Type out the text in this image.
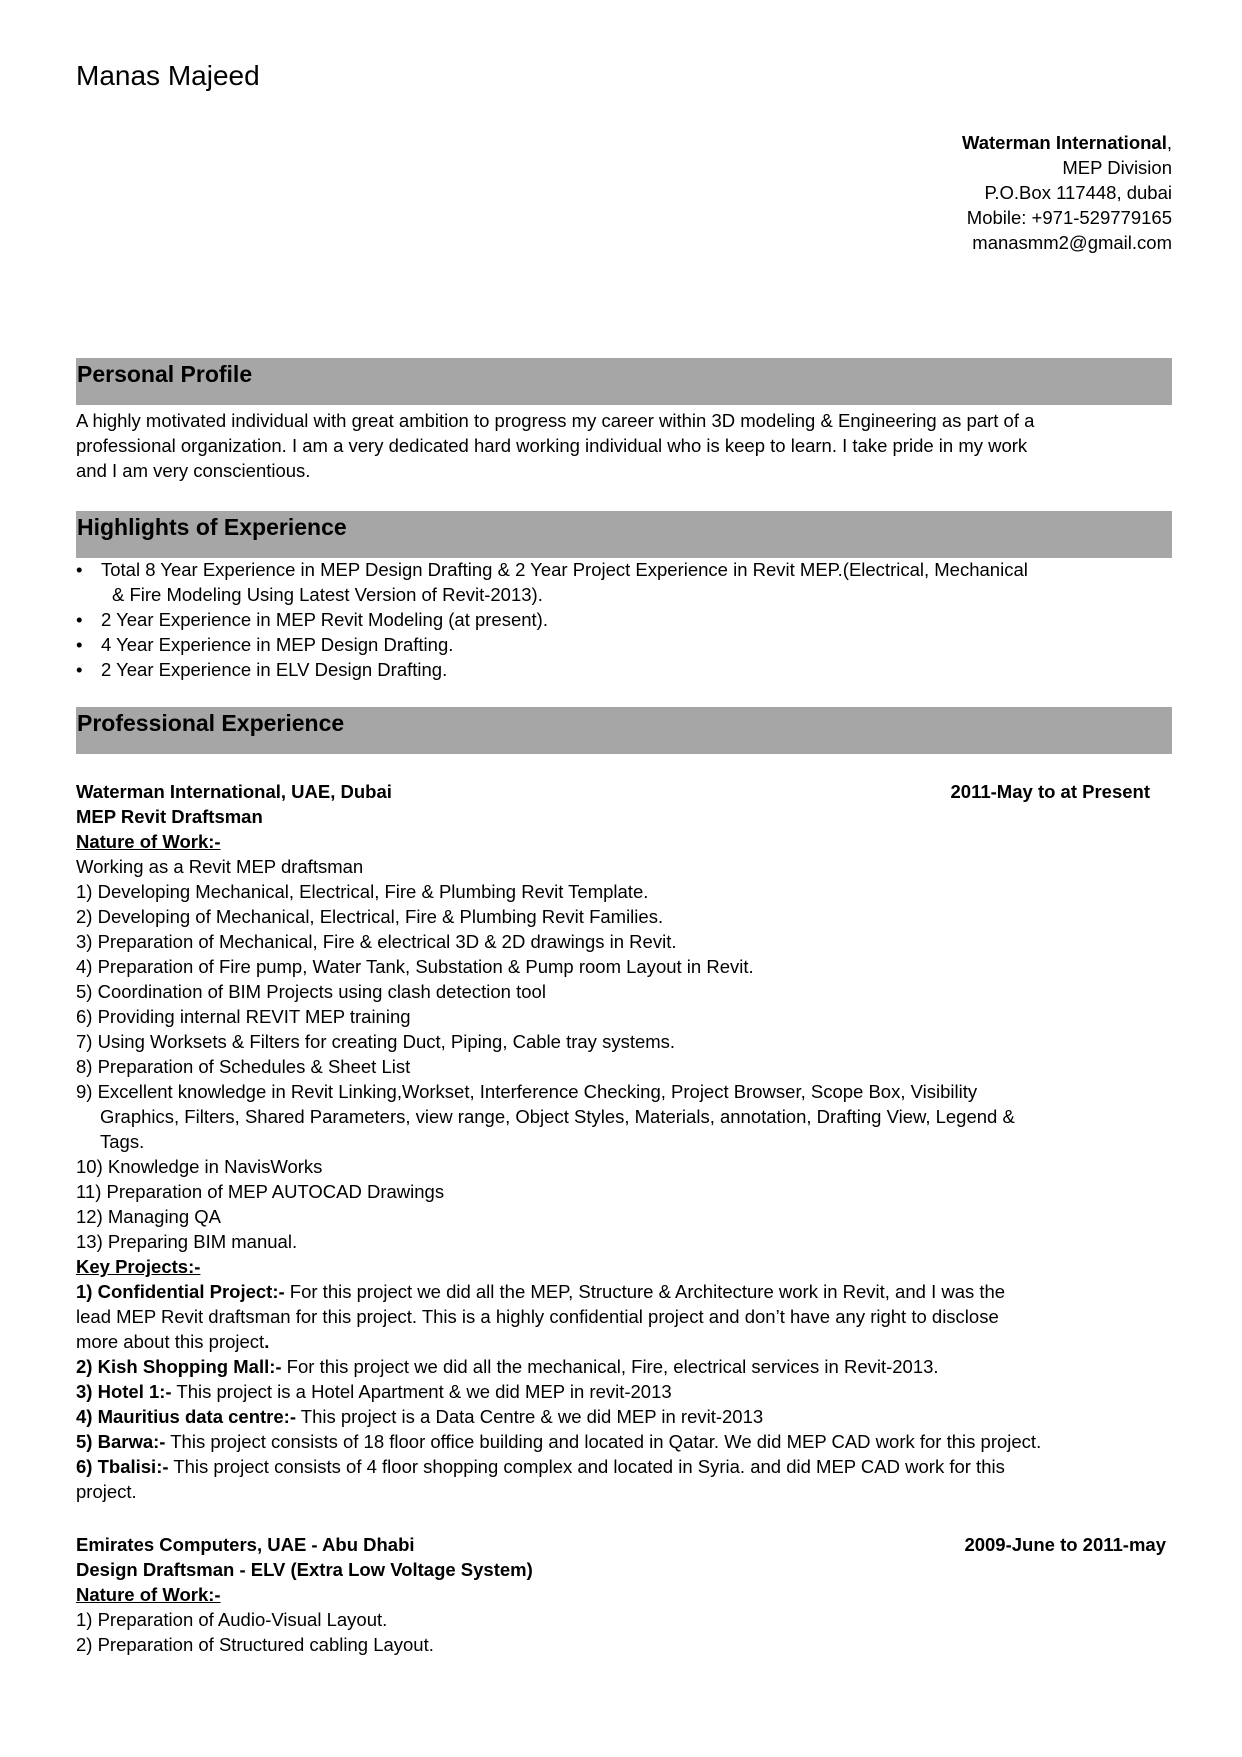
Manas Majeed
Waterman International,
MEP Division
P.O.Box 117448, dubai
Mobile: +971-529779165
manasmm2@gmail.com
Personal Profile
A highly motivated individual with great ambition to progress my career within 3D modeling & Engineering as part of a
professional organization. I am a very dedicated hard working individual who is keep to learn. I take pride in my work
and I am very conscientious.
Highlights of Experience
• Total 8 Year Experience in MEP Design Drafting & 2 Year Project Experience in Revit MEP.(Electrical, Mechanical
& Fire Modeling Using Latest Version of Revit-2013).
• 2 Year Experience in MEP Revit Modeling (at present).
• 4 Year Experience in MEP Design Drafting.
• 2 Year Experience in ELV Design Drafting.
Professional Experience
Waterman International, UAE, Dubai	2011-May to at Present
MEP Revit Draftsman
Nature of Work:-
Working as a Revit MEP draftsman
1) Developing Mechanical, Electrical, Fire & Plumbing Revit Template.
2) Developing of Mechanical, Electrical, Fire & Plumbing Revit Families.
3) Preparation of Mechanical, Fire & electrical 3D & 2D drawings in Revit.
4) Preparation of Fire pump, Water Tank, Substation & Pump room Layout in Revit.
5) Coordination of BIM Projects using clash detection tool
6) Providing internal REVIT MEP training
7) Using Worksets & Filters for creating Duct, Piping, Cable tray systems.
8) Preparation of Schedules & Sheet List
9) Excellent knowledge in Revit Linking,Workset, Interference Checking, Project Browser, Scope Box, Visibility
Graphics, Filters, Shared Parameters, view range, Object Styles, Materials, annotation, Drafting View, Legend &
Tags.
10) Knowledge in NavisWorks
11) Preparation of MEP AUTOCAD Drawings
12) Managing QA
13) Preparing BIM manual.
Key Projects:-
1) Confidential Project:- For this project we did all the MEP, Structure & Architecture work in Revit, and I was the
lead MEP Revit draftsman for this project. This is a highly confidential project and don’t have any right to disclose
more about this project.
2) Kish Shopping Mall:- For this project we did all the mechanical, Fire, electrical services in Revit-2013.
3) Hotel 1:- This project is a Hotel Apartment & we did MEP in revit-2013
4) Mauritius data centre:- This project is a Data Centre & we did MEP in revit-2013
5) Barwa:- This project consists of 18 floor office building and located in Qatar. We did MEP CAD work for this project.
6) Tbalisi:- This project consists of 4 floor shopping complex and located in Syria. and did MEP CAD work for this
project.
Emirates Computers, UAE - Abu Dhabi	2009-June to 2011-may
Design Draftsman - ELV (Extra Low Voltage System)
Nature of Work:-
1) Preparation of Audio-Visual Layout.
2) Preparation of Structured cabling Layout.
